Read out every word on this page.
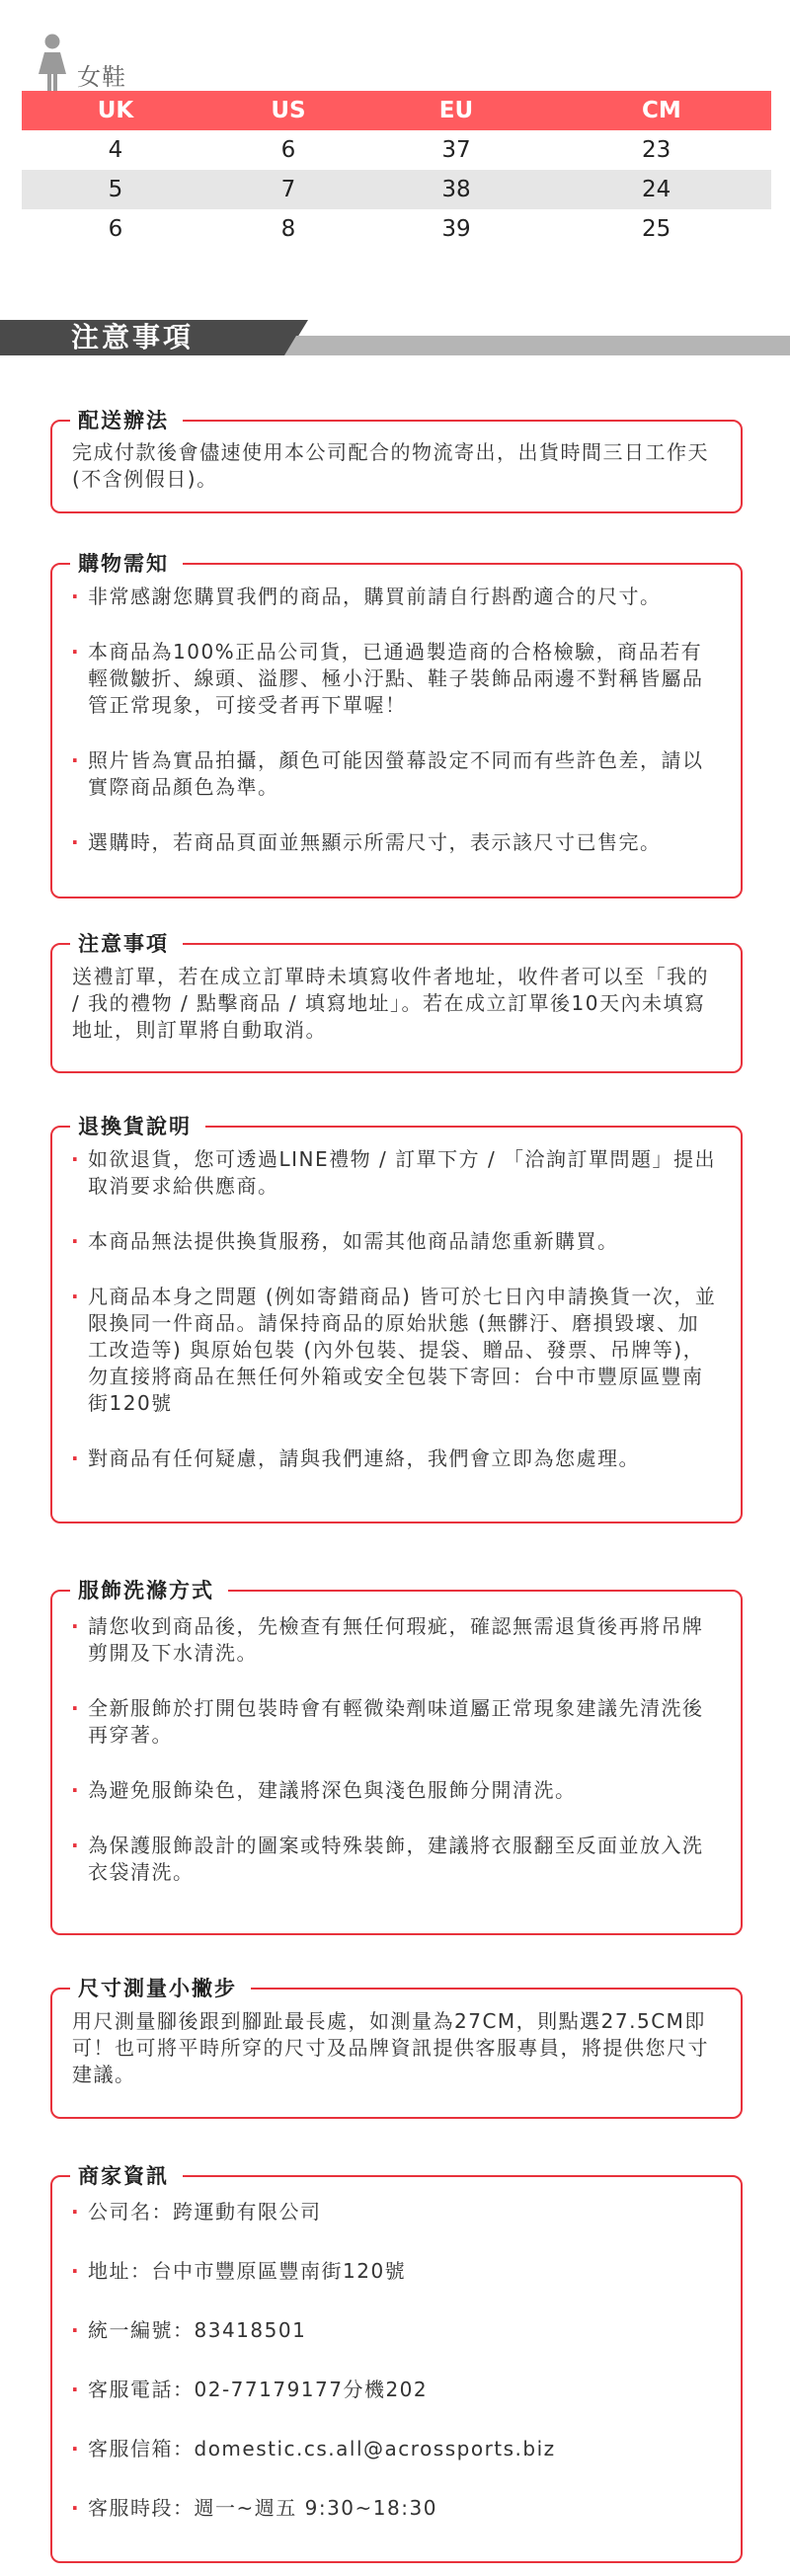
女鞋
UK	US	EU	CM
4	6	37	23
5	7	38	24
6	8	39	25
注意事項
配送辦法

完成付款後會儘速使用本公司配合的物流寄出，出貨時間三日工作天(不含例假日)。

購物需知
· 非常感謝您購買我們的商品，購買前請自行斟酌適合的尺寸。
· 本商品為100%正品公司貨，已通過製造商的合格檢驗，商品若有輕微皺折、線頭、溢膠、極小汙點、鞋子裝飾品兩邊不對稱皆屬品管正常現象，可接受者再下單喔！
· 照片皆為實品拍攝，顏色可能因螢幕設定不同而有些許色差，請以實際商品顏色為準。
· 選購時，若商品頁面並無顯示所需尺寸，表示該尺寸已售完。
注意事項

送禮訂單，若在成立訂單時未填寫收件者地址，收件者可以至「我的 / 我的禮物 / 點擊商品 / 填寫地址」。若在成立訂單後10天內未填寫地址，則訂單將自動取消。

退換貨說明
· 如欲退貨，您可透過LINE禮物 / 訂單下方 / 「洽詢訂單問題」提出取消要求給供應商。
· 本商品無法提供換貨服務，如需其他商品請您重新購買。
· 凡商品本身之問題 (例如寄錯商品) 皆可於七日內申請換貨一次，並限換同一件商品。請保持商品的原始狀態 (無髒汙、磨損毀壞、加工改造等) 與原始包裝 (內外包裝、提袋、贈品、發票、吊牌等)，勿直接將商品在無任何外箱或安全包裝下寄回：台中市豐原區豐南街120號
· 對商品有任何疑慮，請與我們連絡，我們會立即為您處理。
服飾洗滌方式
· 請您收到商品後，先檢查有無任何瑕疵，確認無需退貨後再將吊牌剪開及下水清洗。
· 全新服飾於打開包裝時會有輕微染劑味道屬正常現象建議先清洗後再穿著。
· 為避免服飾染色，建議將深色與淺色服飾分開清洗。
· 為保護服飾設計的圖案或特殊裝飾，建議將衣服翻至反面並放入洗衣袋清洗。
尺寸測量小撇步

用尺測量腳後跟到腳趾最長處，如測量為27CM，則點選27.5CM即可！也可將平時所穿的尺寸及品牌資訊提供客服專員，將提供您尺寸建議。

商家資訊
· 公司名：跨運動有限公司
· 地址：台中市豐原區豐南街120號
· 統一編號：83418501
· 客服電話：02-77179177分機202
· 客服信箱：domestic.cs.all@acrossports.biz
· 客服時段：週一~週五 9:30~18:30
